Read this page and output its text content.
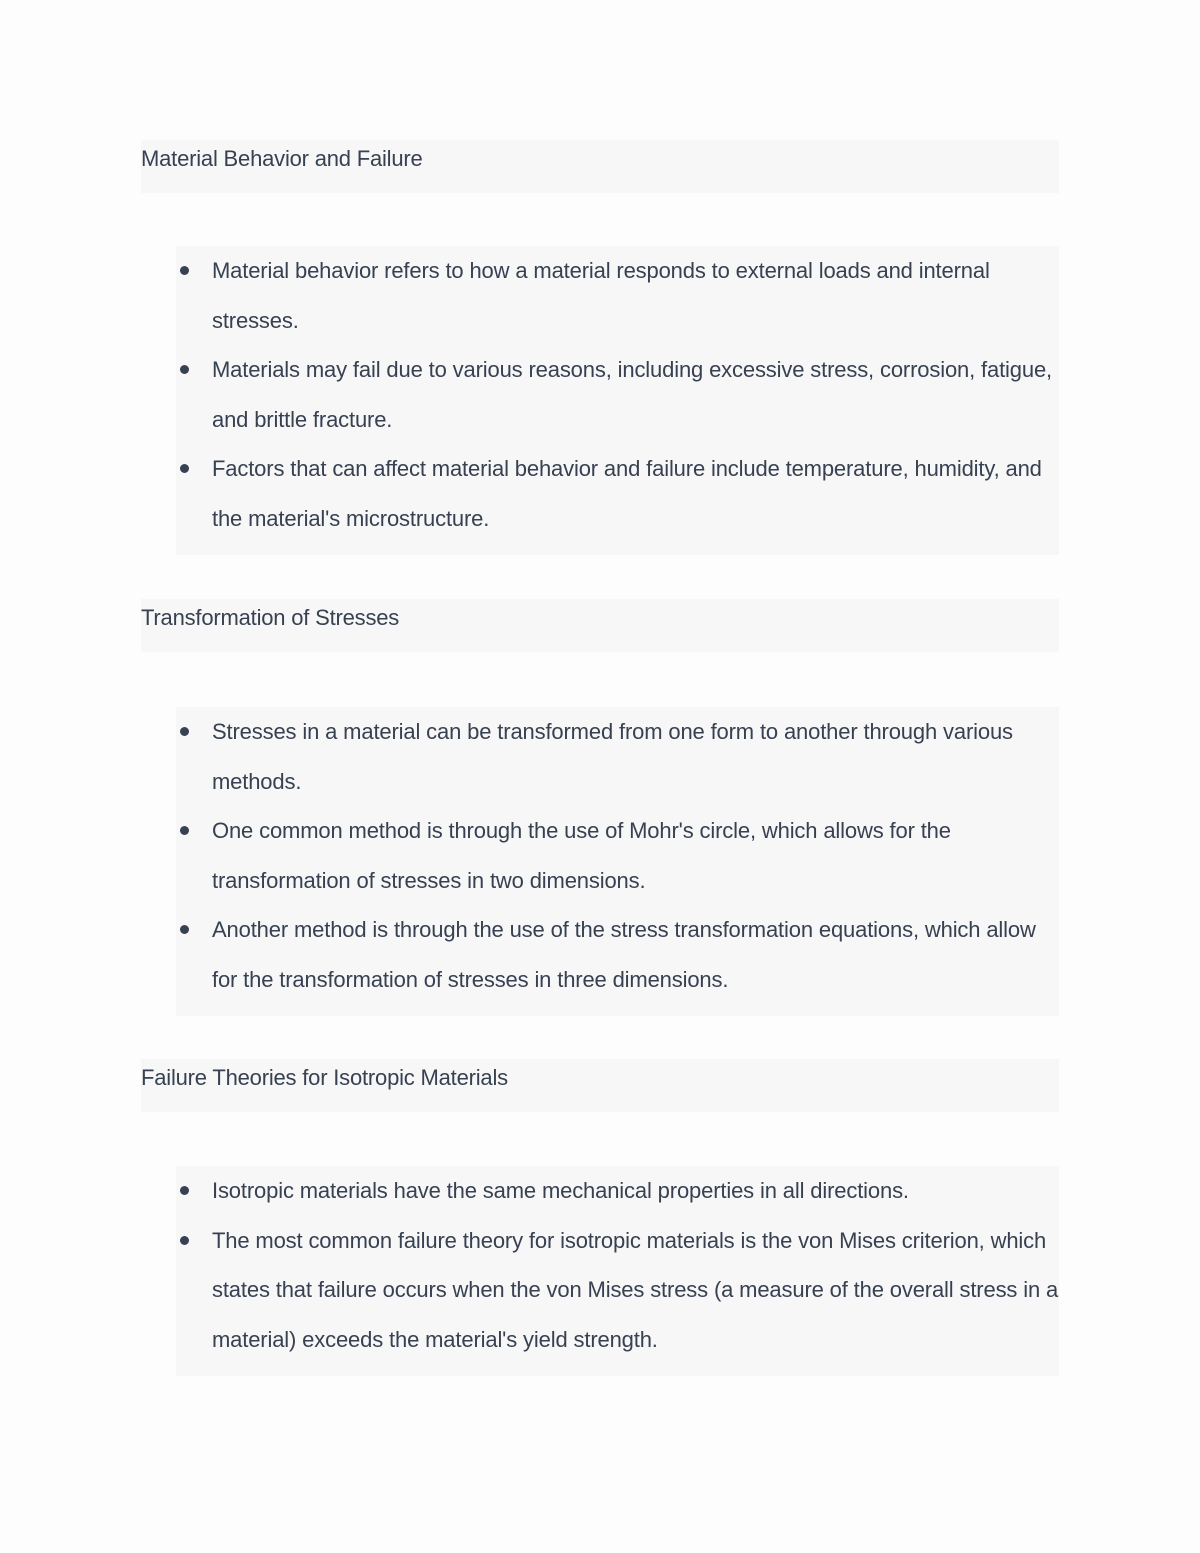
Material Behavior and Failure
Material behavior refers to how a material responds to external loads and internal stresses.
Materials may fail due to various reasons, including excessive stress, corrosion, fatigue, and brittle fracture.
Factors that can affect material behavior and failure include temperature, humidity, and the material's microstructure.
Transformation of Stresses
Stresses in a material can be transformed from one form to another through various methods.
One common method is through the use of Mohr's circle, which allows for the transformation of stresses in two dimensions.
Another method is through the use of the stress transformation equations, which allow for the transformation of stresses in three dimensions.
Failure Theories for Isotropic Materials
Isotropic materials have the same mechanical properties in all directions.
The most common failure theory for isotropic materials is the von Mises criterion, which states that failure occurs when the von Mises stress (a measure of the overall stress in a material) exceeds the material's yield strength.
